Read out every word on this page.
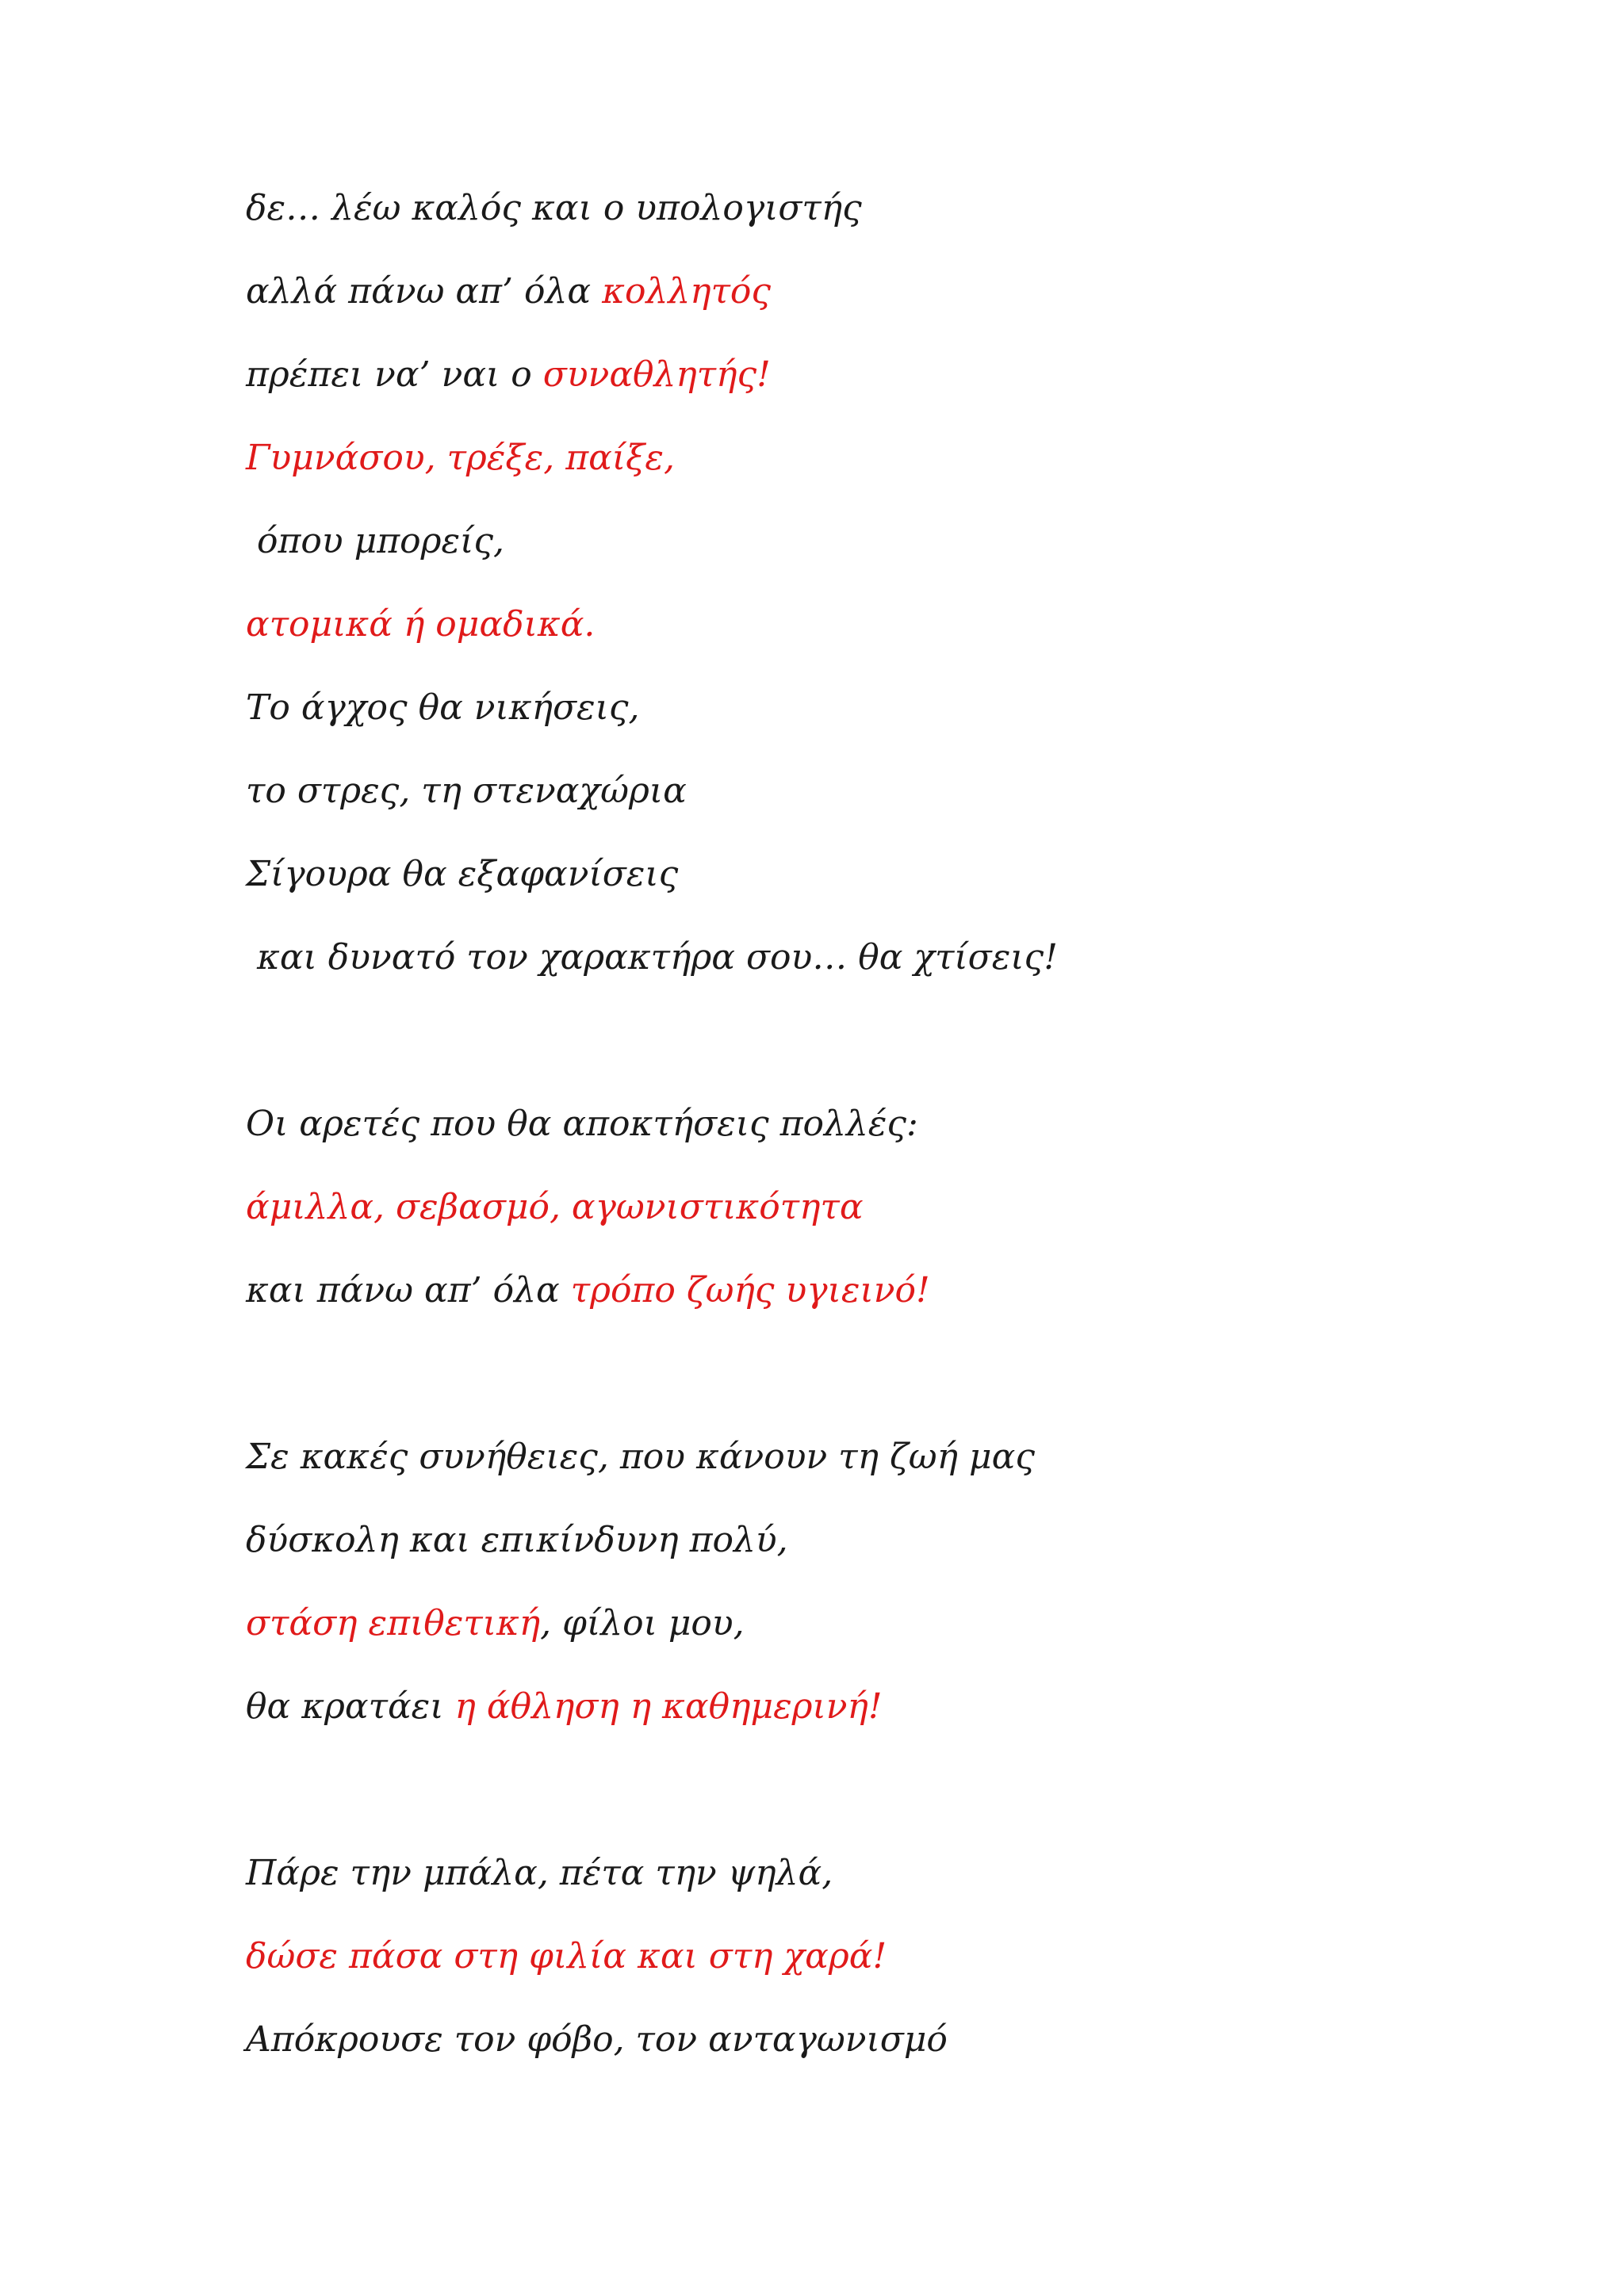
δε… λέω καλός και ο υπολογιστής
αλλά πάνω απ’ όλα κολλητός
πρέπει να’ ναι ο συναθλητής!
Γυμνάσου, τρέξε, παίξε,
όπου μπορείς,
ατομικά ή ομαδικά.
Το άγχος θα νικήσεις,
το στρες, τη στεναχώρια
Σίγουρα θα εξαφανίσεις
και δυνατό τον χαρακτήρα σου… θα χτίσεις!
Οι αρετές που θα αποκτήσεις πολλές:
άμιλλα, σεβασμό, αγωνιστικότητα
και πάνω απ’ όλα τρόπο ζωής υγιεινό!
Σε κακές συνήθειες, που κάνουν τη ζωή μας
δύσκολη και επικίνδυνη πολύ,
στάση επιθετική, φίλοι μου,
θα κρατάει η άθληση η καθημερινή!
Πάρε την μπάλα, πέτα την ψηλά,
δώσε πάσα στη φιλία και στη χαρά!
Απόκρουσε τον φόβο, τον ανταγωνισμό
